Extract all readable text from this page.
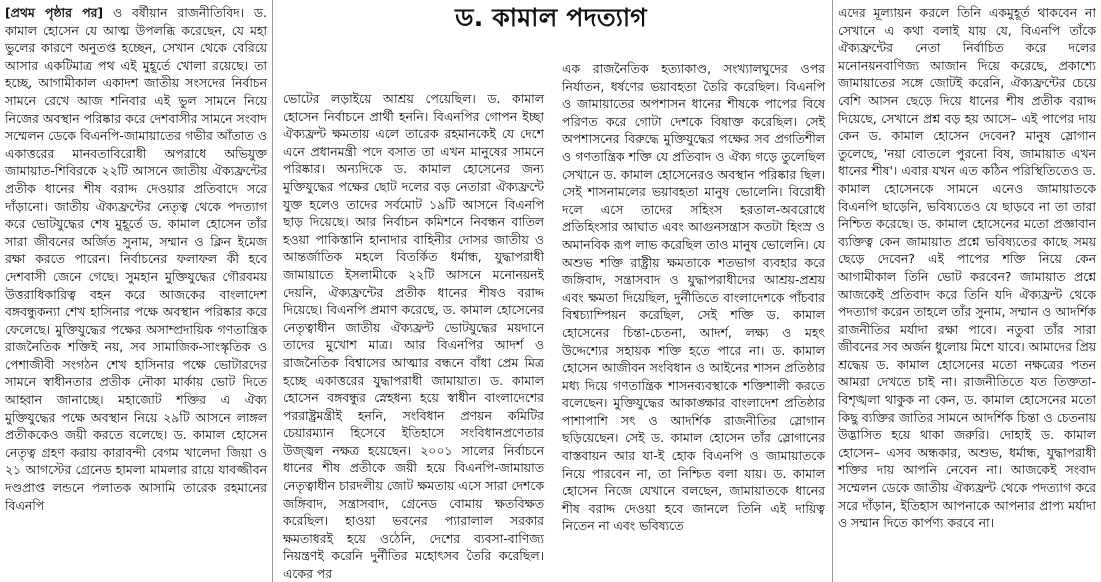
ড. কামাল পদত্যাগ

[প্রথম পৃষ্ঠার পর] ও বর্ষীয়ান রাজনীতিবিদ। ড. কামাল হোসেন যে আত্ম উপলব্ধি করেছেন, যে মহা ভুলের কারণে অনুতপ্ত হচ্ছেন, সেখান থেকে বেরিয়ে আসার একটিমাত্র পথ এই মুহূর্তে খোলা রয়েছে। তা হচ্ছে, আগামীকাল একাদশ জাতীয় সংসদের নির্বাচন সামনে রেখে আজ শনিবার এই ভুল সামনে নিয়ে নিজের অবস্থান পরিষ্কার করে দেশবাসীর সামনে সংবাদ সম্মেলন ডেকে বিএনপি-জামায়াতের গভীর আঁতাত ও একাত্তরের মানবতাবিরোধী অপরাধে অভিযুক্ত জামায়াত-শিবিরকে ২২টি আসনে জাতীয় ঐক্যফ্রন্টের প্রতীক ধানের শীষ বরাদ্দ দেওয়ার প্রতিবাদে সরে দাঁড়ানো। জাতীয় ঐক্যফ্রন্টের নেতৃত্ব থেকে পদত্যাগ করে ভোটযুদ্ধের শেষ মুহূর্তে ড. কামাল হোসেন তাঁর সারা জীবনের অর্জিত সুনাম, সম্মান ও ক্লিন ইমেজ রক্ষা করতে পারেন। নির্বাচনের ফলাফল কী হবে দেশবাসী জেনে গেছে। সুমহান মুক্তিযুদ্ধের গৌরবময় উত্তরাধিকারিত্ব বহন করে আজকের বাংলাদেশ বঙ্গবন্ধুকন্যা শেখ হাসিনার পক্ষে অবস্থান পরিষ্কার করে ফেলেছে। মুক্তিযুদ্ধের পক্ষের অসাম্প্রদায়িক গণতান্ত্রিক রাজনৈতিক শক্তিই নয়, সব সামাজিক-সাংস্কৃতিক ও পেশাজীবী সংগঠন শেখ হাসিনার পক্ষে ভোটারদের সামনে স্বাধীনতার প্রতীক নৌকা মার্কায় ভোট দিতে আহ্বান জানাচ্ছে। মহাজোট শক্তির এ ঐক্য মুক্তিযুদ্ধের পক্ষে অবস্থান নিয়ে ২৯টি আসনে লাঙ্গল প্রতীককেও জয়ী করতে বলেছে। ড. কামাল হোসেন নেতৃত্ব গ্রহণ করায় কারাবন্দী বেগম খালেদা জিয়া ও ২১ আগস্টের গ্রেনেড হামলা মামলার রায়ে যাবজ্জীবন দণ্ডপ্রাপ্ত লন্ডনে পলাতক আসামি তারেক রহমানের বিএনপি

ভোটের লড়াইয়ে আশ্রয় পেয়েছিল। ড. কামাল হোসেন নির্বাচনে প্রার্থী হননি। বিএনপির গোপন ইচ্ছা ঐক্যফ্রন্ট ক্ষমতায় এলে তারেক রহমানকেই যে দেশে এনে প্রধানমন্ত্রী পদে বসাত তা এখন মানুষের সামনে পরিষ্কার। অন্যদিকে ড. কামাল হোসেনের জন্য মুক্তিযুদ্ধের পক্ষের ছোট দলের বড় নেতারা ঐক্যফ্রন্টে যুক্ত হলেও তাদের সর্বমোট ১৯টি আসনে বিএনপি ছাড় দিয়েছে। আর নির্বাচন কমিশনে নিবন্ধন বাতিল হওয়া পাকিস্তানি হানাদার বাহিনীর দোসর জাতীয় ও আন্তর্জাতিক মহলে বিতর্কিত ধর্মান্ধ, যুদ্ধাপরাধী জামায়াতে ইসলামীকে ২২টি আসনে মনোনয়নই দেয়নি, ঐক্যফ্রন্টের প্রতীক ধানের শীষও বরাদ্দ দিয়েছে। বিএনপি প্রমাণ করেছে, ড. কামাল হোসেনের নেতৃত্বাধীন জাতীয় ঐক্যফ্রন্ট ভোটযুদ্ধের ময়দানে তাদের মুখোশ মাত্র। আর বিএনপির আদর্শ ও রাজনৈতিক বিশ্বাসের আত্মার বন্ধনে বাঁধা প্রেম মিত্র হচ্ছে একাত্তরের যুদ্ধাপরাধী জামায়াত। ড. কামাল হোসেন বঙ্গবন্ধুর স্নেহধন্য হয়ে স্বাধীন বাংলাদেশের পররাষ্ট্রমন্ত্রীই হননি, সংবিধান প্রণয়ন কমিটির চেয়ারম্যান হিসেবে ইতিহাসে সংবিধানপ্রণেতার উজ্জ্বল নক্ষত্র হয়েছেন। ২০০১ সালের নির্বাচনে ধানের শীষ প্রতীকে জয়ী হয়ে বিএনপি-জামায়াত নেতৃত্বাধীন চারদলীয় জোট ক্ষমতায় এসে সারা দেশকে জঙ্গিবাদ, সন্ত্রাসবাদ, গ্রেনেড বোমায় ক্ষতবিক্ষত করেছিল। হাওয়া ভবনের প্যারালাল সরকার ক্ষমতাধরই হয়ে ওঠেনি, দেশের ব্যবসা-বাণিজ্য নিয়ন্ত্রণই করেনি দুর্নীতির মহোৎসব তৈরি করেছিল। একের পর

এক রাজনৈতিক হত্যাকাণ্ড, সংখ্যালঘুদের ওপর নির্যাতন, ধর্ষণের ভয়াবহতা তৈরি করেছিল। বিএনপি ও জামায়াতের অপশাসন ধানের শীষকে পাপের বিষে পরিণত করে গোটা দেশকে বিষাক্ত করেছিল। সেই অপশাসনের বিরুদ্ধে মুক্তিযুদ্ধের পক্ষের সব প্রগতিশীল ও গণতান্ত্রিক শক্তি যে প্রতিবাদ ও ঐক্য গড়ে তুলেছিল সেখানে ড. কামাল হোসেনেরও অবস্থান পরিষ্কার ছিল। সেই শাসনামলের ভয়াবহতা মানুষ ভোলেনি। বিরোধী দলে এসে তাদের সহিংস হরতাল-অবরোধে প্রতিহিংসার আঘাত এবং আগুনসন্ত্রাস কতটা হিংস্র ও অমানবিক রূপ লাভ করেছিল তাও মানুষ ভোলেনি। যে অশুভ শক্তি রাষ্ট্রীয় ক্ষমতাকে শতভাগ ব্যবহার করে জঙ্গিবাদ, সন্ত্রাসবাদ ও যুদ্ধাপরাধীদের আশ্রয়-প্রশ্রয় এবং ক্ষমতা দিয়েছিল, দুর্নীতিতে বাংলাদেশকে পাঁচবার বিশ্বচ্যাম্পিয়ন করেছিল, সেই শক্তি ড. কামাল হোসেনের চিন্তা-চেতনা, আদর্শ, লক্ষ্য ও মহৎ উদ্দেশ্যের সহায়ক শক্তি হতে পারে না। ড. কামাল হোসেন আজীবন সংবিধান ও আইনের শাসন প্রতিষ্ঠার মধ্য দিয়ে গণতান্ত্রিক শাসনব্যবস্থাকে শক্তিশালী করতে বলেছেন। মুক্তিযুদ্ধের আকাঙ্ক্ষার বাংলাদেশ প্রতিষ্ঠার পাশাপাশি সৎ ও আদর্শিক রাজনীতির স্লোগান ছড়িয়েছেন। সেই ড. কামাল হোসেন তাঁর স্লোগানের বাস্তবায়ন আর যা-ই হোক বিএনপি ও জামায়াতকে নিয়ে পারবেন না, তা নিশ্চিত বলা যায়। ড. কামাল হোসেন নিজে যেখানে বলছেন, জামায়াতকে ধানের শীষ বরাদ্দ দেওয়া হবে জানলে তিনি এই দায়িত্ব নিতেন না এবং ভবিষ্যতে

এদের মূল্যায়ন করলে তিনি একমুহূর্ত থাকবেন না সেখানে এ কথা বলাই যায় যে, বিএনপি তাঁকে ঐক্যফ্রন্টের নেতা নির্বাচিত করে দলের মনোনয়নবাণিজ্য আজান দিয়ে করেছে, প্রকাশ্যে জামায়াতের সঙ্গে জোটই করেনি, ঐক্যফ্রন্টের চেয়ে বেশি আসন ছেড়ে দিয়ে ধানের শীষ প্রতীক বরাদ্দ দিয়েছে, সেখানে প্রশ্ন বড় হয় আসে– এই পাপের দায় কেন ড. কামাল হোসেন দেবেন? মানুষ স্লোগান তুলেছে, 'নয়া বোতলে পুরনো বিষ, জামায়াত এখন ধানের শীষ'। এবার যখন এত কঠিন পরিস্থিতিতেও ড. কামাল হোসেনকে সামনে এনেও জামায়াতকে বিএনপি ছাড়েনি, ভবিষ্যতেও যে ছাড়বে না তা তারা নিশ্চিত করেছে। ড. কামাল হোসেনের মতো প্রজ্ঞাবান ব্যক্তিত্ব কেন জামায়াত প্রশ্নে ভবিষ্যতের কাছে সময় ছেড়ে দেবেন? এই পাপের শক্তি নিয়ে কেন আগামীকাল তিনি ভোট করবেন? জামায়াত প্রশ্নে আজকেই প্রতিবাদ করে তিনি যদি ঐক্যফ্রন্ট থেকে পদত্যাগ করেন তাহলে তাঁর সুনাম, সম্মান ও আদর্শিক রাজনীতির মর্যাদা রক্ষা পাবে। নতুবা তাঁর সারা জীবনের সব অর্জন ধুলোয় মিশে যাবে। আমাদের প্রিয় শ্রদ্ধেয় ড. কামাল হোসেনের মতো নক্ষত্রের পতন আমরা দেখতে চাই না। রাজনীতিতে যত তিক্ততা-বিশৃঙ্খলা থাকুক না কেন, ড. কামাল হোসেনের মতো কিছু ব্যক্তির জাতির সামনে আদর্শিক চিন্তা ও চেতনায় উদ্ভাসিত হয়ে থাকা জরুরি। দোহাই ড. কামাল হোসেন– এসব অন্ধকার, অশুভ, ধর্মান্ধ, যুদ্ধাপরাধী শক্তির দায় আপনি নেবেন না। আজকেই সংবাদ সম্মেলন ডেকে জাতীয় ঐক্যফ্রন্ট থেকে পদত্যাগ করে সরে দাঁড়ান, ইতিহাস আপনাকে আপনার প্রাপ্য মর্যাদা ও সম্মান দিতে কার্পণ্য করবে না।
